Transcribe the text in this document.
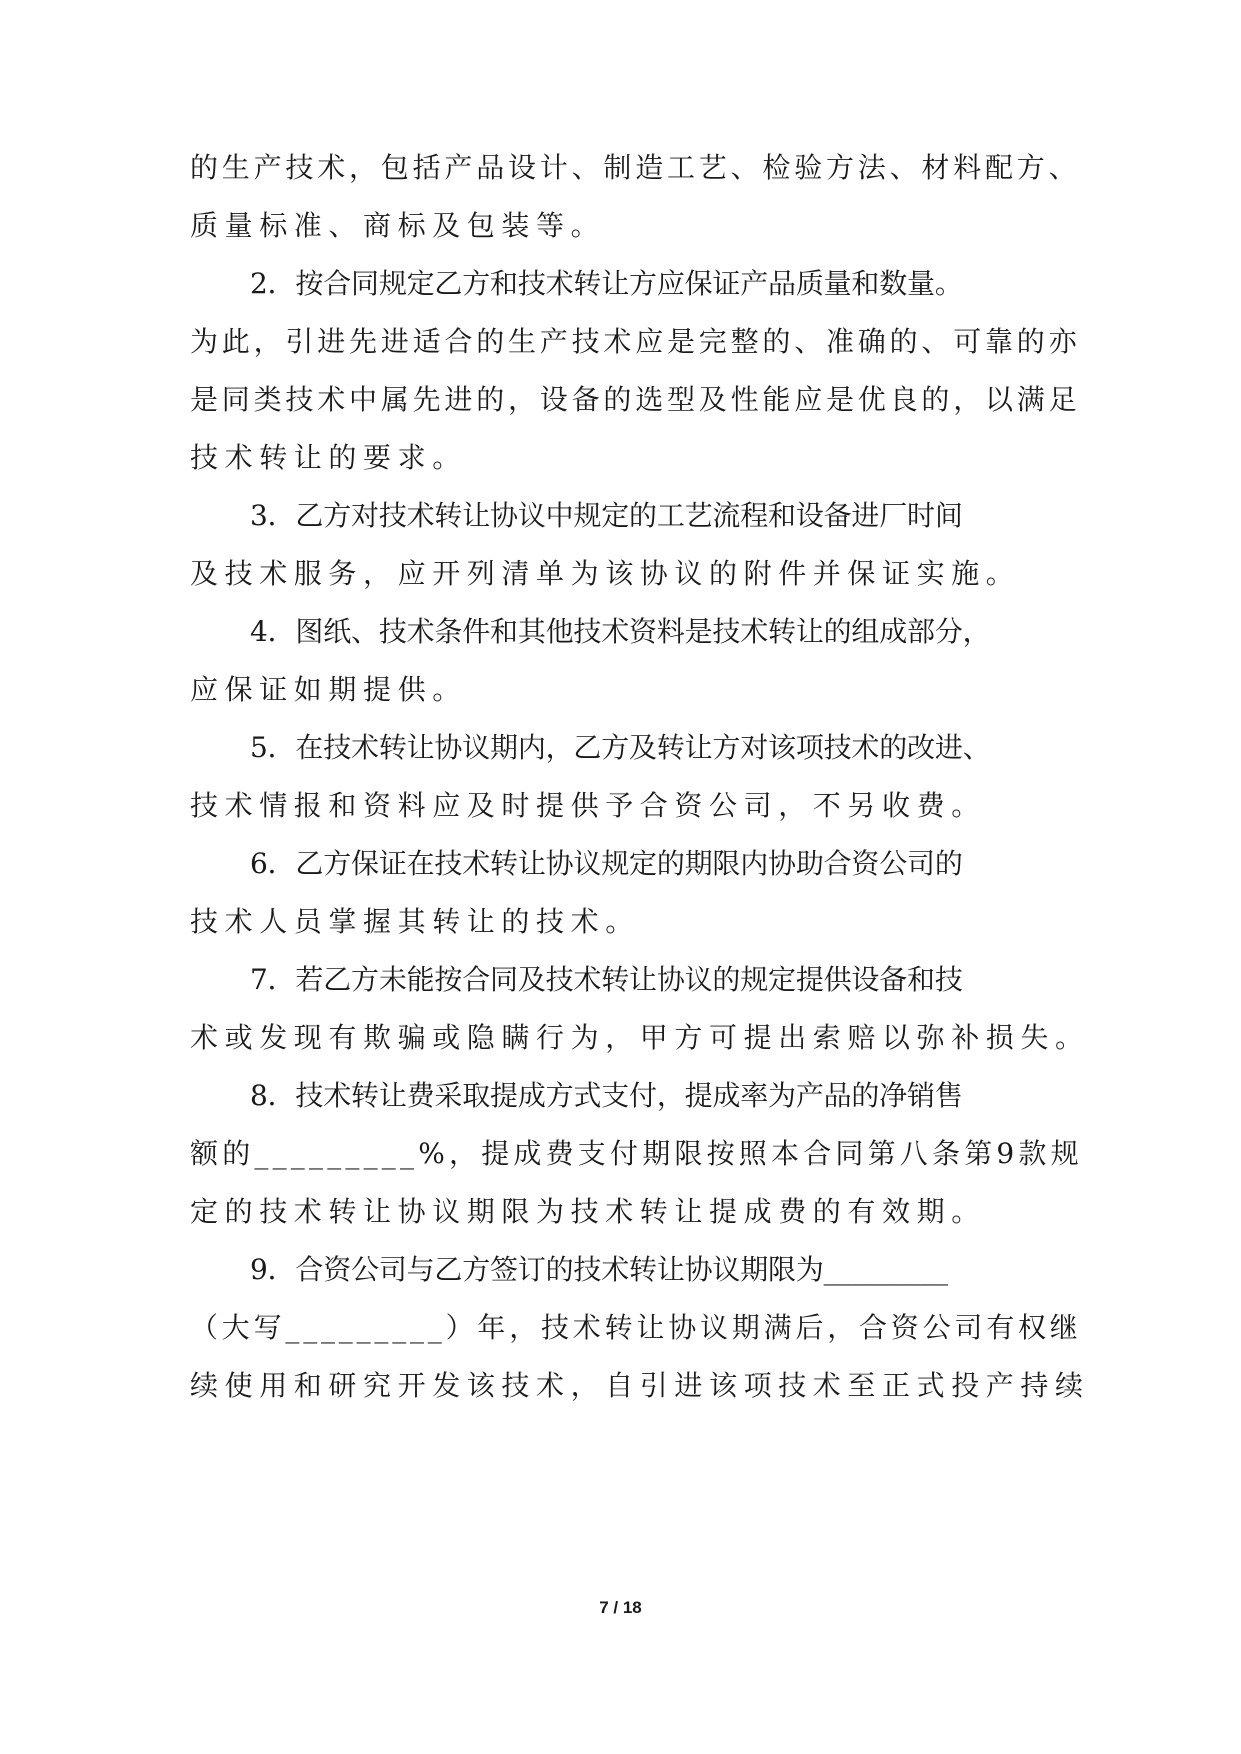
的生产技术，包括产品设计、制造工艺、检验方法、材料配方、
质量标准、商标及包装等。
2．按合同规定乙方和技术转让方应保证产品质量和数量。
为此，引进先进适合的生产技术应是完整的、准确的、可靠的亦
是同类技术中属先进的，设备的选型及性能应是优良的，以满足
技术转让的要求。
3．乙方对技术转让协议中规定的工艺流程和设备进厂时间
及技术服务，应开列清单为该协议的附件并保证实施。
4．图纸、技术条件和其他技术资料是技术转让的组成部分，
应保证如期提供。
5．在技术转让协议期内，乙方及转让方对该项技术的改进、
技术情报和资料应及时提供予合资公司，不另收费。
6．乙方保证在技术转让协议规定的期限内协助合资公司的
技术人员掌握其转让的技术。
7．若乙方未能按合同及技术转让协议的规定提供设备和技
术或发现有欺骗或隐瞒行为，甲方可提出索赔以弥补损失。
8．技术转让费采取提成方式支付，提成率为产品的净销售
额的_________%，提成费支付期限按照本合同第八条第9款规
定的技术转让协议期限为技术转让提成费的有效期。
9．合资公司与乙方签订的技术转让协议期限为_________
（大写_________）年，技术转让协议期满后，合资公司有权继
续使用和研究开发该技术，自引进该项技术至正式投产持续
7 / 18
